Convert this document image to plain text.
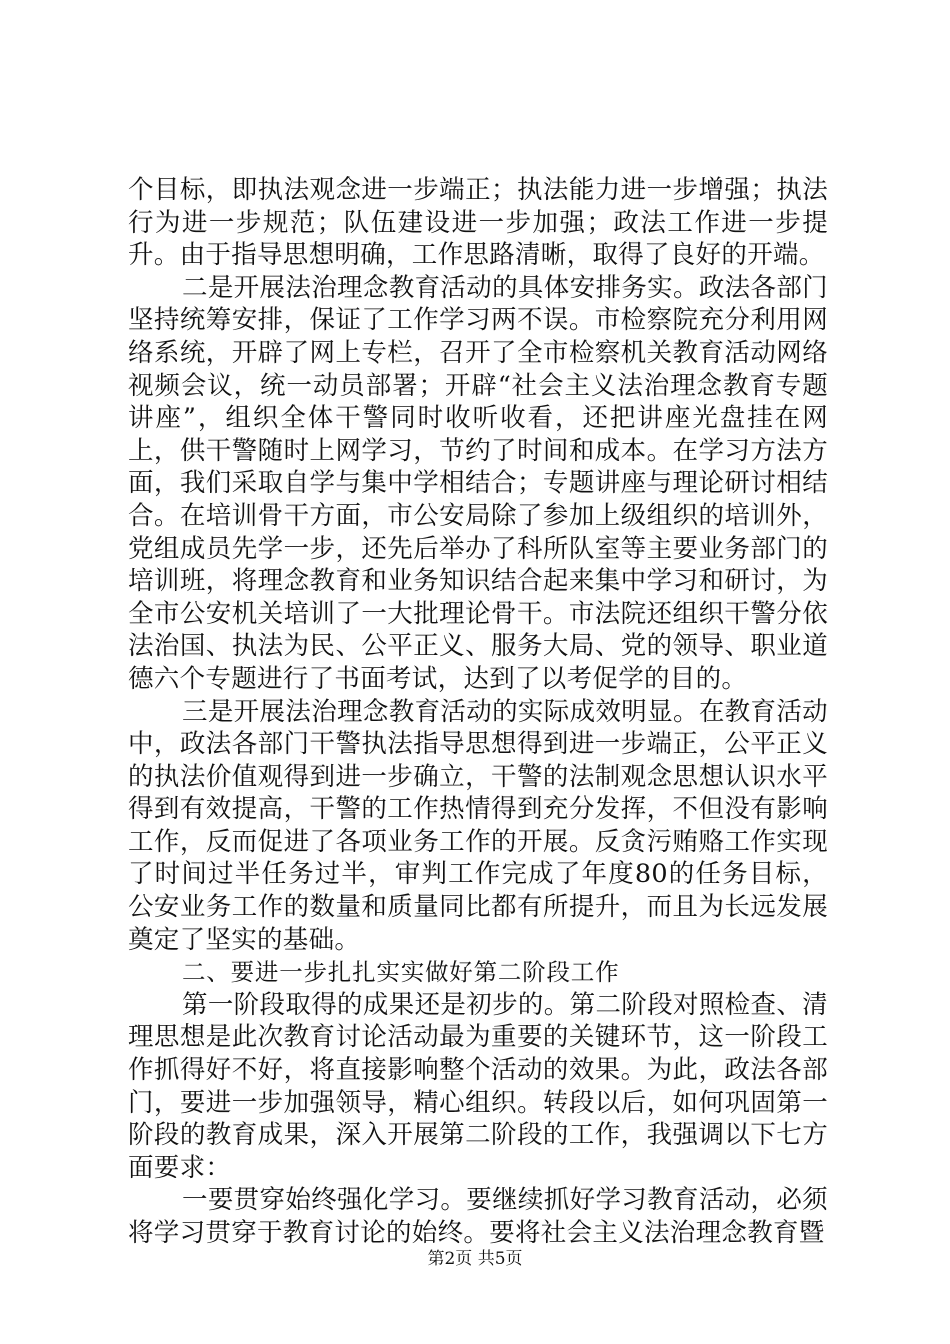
个目标，即执法观念进一步端正；执法能力进一步增强；执法行为进一步规范；队伍建设进一步加强；政法工作进一步提升。由于指导思想明确，工作思路清晰，取得了良好的开端。

二是开展法治理念教育活动的具体安排务实。政法各部门坚持统筹安排，保证了工作学习两不误。市检察院充分利用网络系统，开辟了网上专栏，召开了全市检察机关教育活动网络视频会议，统一动员部署；开辟“社会主义法治理念教育专题讲座”，组织全体干警同时收听收看，还把讲座光盘挂在网上，供干警随时上网学习，节约了时间和成本。在学习方法方面，我们采取自学与集中学相结合；专题讲座与理论研讨相结合。在培训骨干方面，市公安局除了参加上级组织的培训外，党组成员先学一步，还先后举办了科所队室等主要业务部门的培训班，将理念教育和业务知识结合起来集中学习和研讨，为全市公安机关培训了一大批理论骨干。市法院还组织干警分依法治国、执法为民、公平正义、服务大局、党的领导、职业道德六个专题进行了书面考试，达到了以考促学的目的。

三是开展法治理念教育活动的实际成效明显。在教育活动中，政法各部门干警执法指导思想得到进一步端正，公平正义的执法价值观得到进一步确立，干警的法制观念思想认识水平得到有效提高，干警的工作热情得到充分发挥，不但没有影响工作，反而促进了各项业务工作的开展。反贪污贿赂工作实现了时间过半任务过半，审判工作完成了年度80的任务目标，公安业务工作的数量和质量同比都有所提升，而且为长远发展奠定了坚实的基础。

二、要进一步扎扎实实做好第二阶段工作

第一阶段取得的成果还是初步的。第二阶段对照检查、清理思想是此次教育讨论活动最为重要的关键环节，这一阶段工作抓得好不好，将直接影响整个活动的效果。为此，政法各部门，要进一步加强领导，精心组织。转段以后，如何巩固第一阶段的教育成果，深入开展第二阶段的工作，我强调以下七方面要求：

一要贯穿始终强化学习。要继续抓好学习教育活动，必须将学习贯穿于教育讨论的始终。要将社会主义法治理念教育暨

第2页 共5页
